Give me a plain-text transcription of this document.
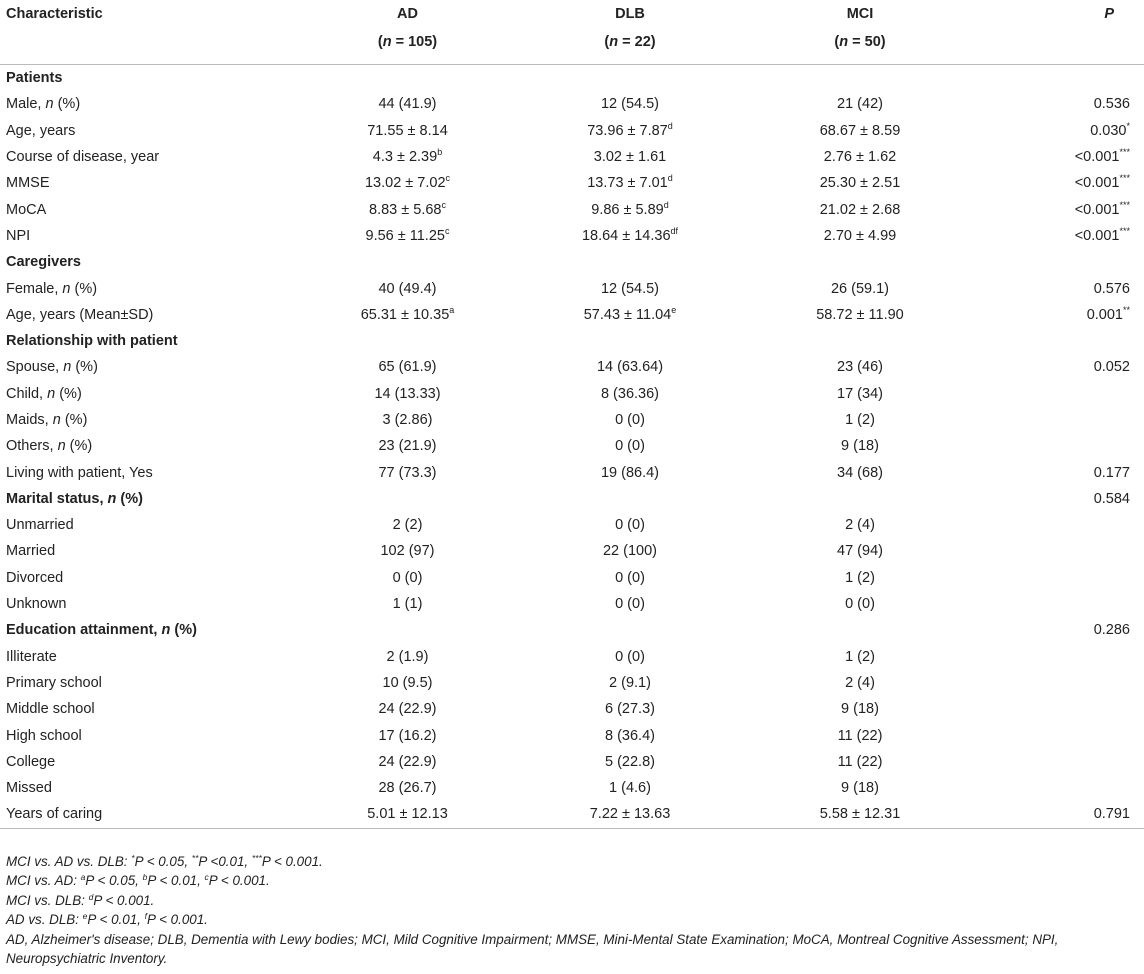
Characteristic	AD	DLB	MCI	P
	(n = 105)	(n = 22)	(n = 50)	
Patients				
Male, n (%)	44 (41.9)	12 (54.5)	21 (42)	0.536
Age, years	71.55 ± 8.14	73.96 ± 7.87$^d$	68.67 ± 8.59	0.030*
Course of disease, year	4.3 ± 2.39$^b$	3.02 ± 1.61	2.76 ± 1.62	<0.001***
MMSE	13.02 ± 7.02$^c$	13.73 ± 7.01$^d$	25.30 ± 2.51	<0.001***
MoCA	8.83 ± 5.68$^c$	9.86 ± 5.89$^d$	21.02 ± 2.68	<0.001***
NPI	9.56 ± 11.25$^c$	18.64 ± 14.36$^{df}$	2.70 ± 4.99	<0.001***
Caregivers				
Female, n (%)	40 (49.4)	12 (54.5)	26 (59.1)	0.576
Age, years (Mean±SD)	65.31 ± 10.35$^a$	57.43 ± 11.04$^e$	58.72 ± 11.90	0.001**
Relationship with patient				
Spouse, n (%)	65 (61.9)	14 (63.64)	23 (46)	0.052
Child, n (%)	14 (13.33)	8 (36.36)	17 (34)	
Maids, n (%)	3 (2.86)	0 (0)	1 (2)	
Others, n (%)	23 (21.9)	0 (0)	9 (18)	
Living with patient, Yes	77 (73.3)	19 (86.4)	34 (68)	0.177
Marital status, n (%)				0.584
Unmarried	2 (2)	0 (0)	2 (4)	
Married	102 (97)	22 (100)	47 (94)	
Divorced	0 (0)	0 (0)	1 (2)	
Unknown	1 (1)	0 (0)	0 (0)	
Education attainment, n (%)				0.286
Illiterate	2 (1.9)	0 (0)	1 (2)	
Primary school	10 (9.5)	2 (9.1)	2 (4)	
Middle school	24 (22.9)	6 (27.3)	9 (18)	
High school	17 (16.2)	8 (36.4)	11 (22)	
College	24 (22.9)	5 (22.8)	11 (22)	
Missed	28 (26.7)	1 (4.6)	9 (18)	
Years of caring	5.01 ± 12.13	7.22 ± 13.63	5.58 ± 12.31	0.791
MCI vs. AD vs. DLB: *P < 0.05, **P <0.01, ***P < 0.001.
MCI vs. AD: $^a$P < 0.05, $^b$P < 0.01, $^c$P < 0.001.
MCI vs. DLB: $^d$P < 0.001.
AD vs. DLB: $^e$P < 0.01, $^f$P < 0.001.
AD, Alzheimer's disease; DLB, Dementia with Lewy bodies; MCI, Mild Cognitive Impairment; MMSE, Mini-Mental State Examination; MoCA, Montreal Cognitive Assessment; NPI,
Neuropsychiatric Inventory.
